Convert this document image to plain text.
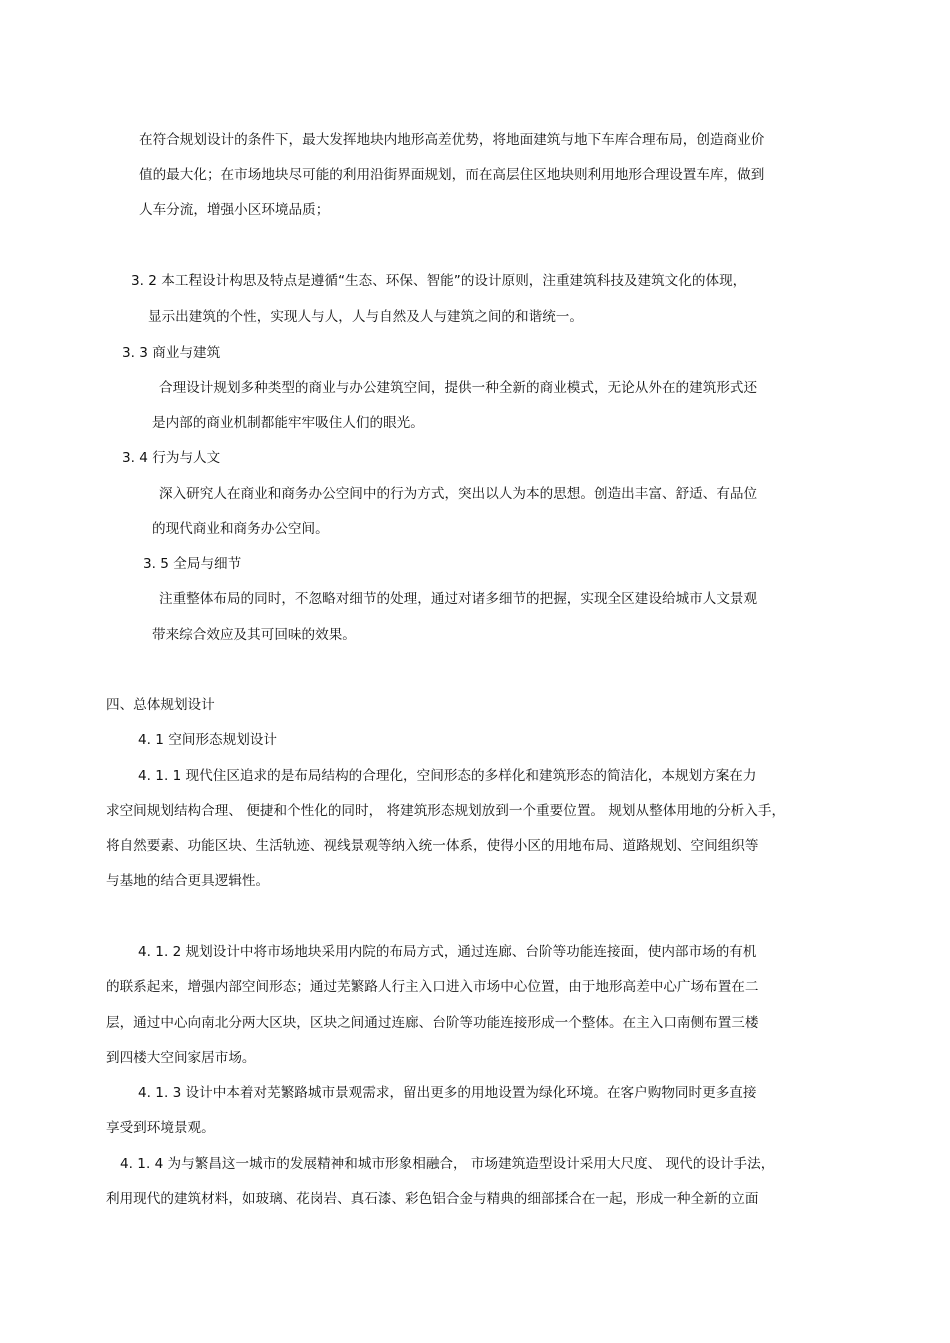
在符合规划设计的条件下，最大发挥地块内地形高差优势，将地面建筑与地下车库合理布局，创造商业价
值的最大化；在市场地块尽可能的利用沿街界面规划，而在高层住区地块则利用地形合理设置车库，做到
人车分流，增强小区环境品质；
3. 2 本工程设计构思及特点是遵循“生态、环保、智能”的设计原则，注重建筑科技及建筑文化的体现，
显示出建筑的个性，实现人与人，人与自然及人与建筑之间的和谐统一。
3. 3 商业与建筑
合理设计规划多种类型的商业与办公建筑空间，提供一种全新的商业模式，无论从外在的建筑形式还
是内部的商业机制都能牢牢吸住人们的眼光。
3. 4 行为与人文
深入研究人在商业和商务办公空间中的行为方式，突出以人为本的思想。创造出丰富、舒适、有品位
的现代商业和商务办公空间。
3. 5 全局与细节
注重整体布局的同时，不忽略对细节的处理，通过对诸多细节的把握，实现全区建设给城市人文景观
带来综合效应及其可回味的效果。
四、总体规划设计
4. 1 空间形态规划设计
4. 1. 1 现代住区追求的是布局结构的合理化，空间形态的多样化和建筑形态的简洁化，本规划方案在力
求空间规划结构合理、 便捷和个性化的同时， 将建筑形态规划放到一个重要位置。 规划从整体用地的分析入手，
将自然要素、功能区块、生活轨迹、视线景观等纳入统一体系，使得小区的用地布局、道路规划、空间组织等
与基地的结合更具逻辑性。
4. 1. 2 规划设计中将市场地块采用内院的布局方式，通过连廊、台阶等功能连接面，使内部市场的有机
的联系起来，增强内部空间形态；通过芜繁路人行主入口进入市场中心位置，由于地形高差中心广场布置在二
层，通过中心向南北分两大区块，区块之间通过连廊、台阶等功能连接形成一个整体。在主入口南侧布置三楼
到四楼大空间家居市场。
4. 1. 3 设计中本着对芜繁路城市景观需求，留出更多的用地设置为绿化环境。在客户购物同时更多直接
享受到环境景观。
4. 1. 4 为与繁昌这一城市的发展精神和城市形象相融合， 市场建筑造型设计采用大尺度、 现代的设计手法，
利用现代的建筑材料，如玻璃、花岗岩、真石漆、彩色铝合金与精典的细部揉合在一起，形成一种全新的立面
